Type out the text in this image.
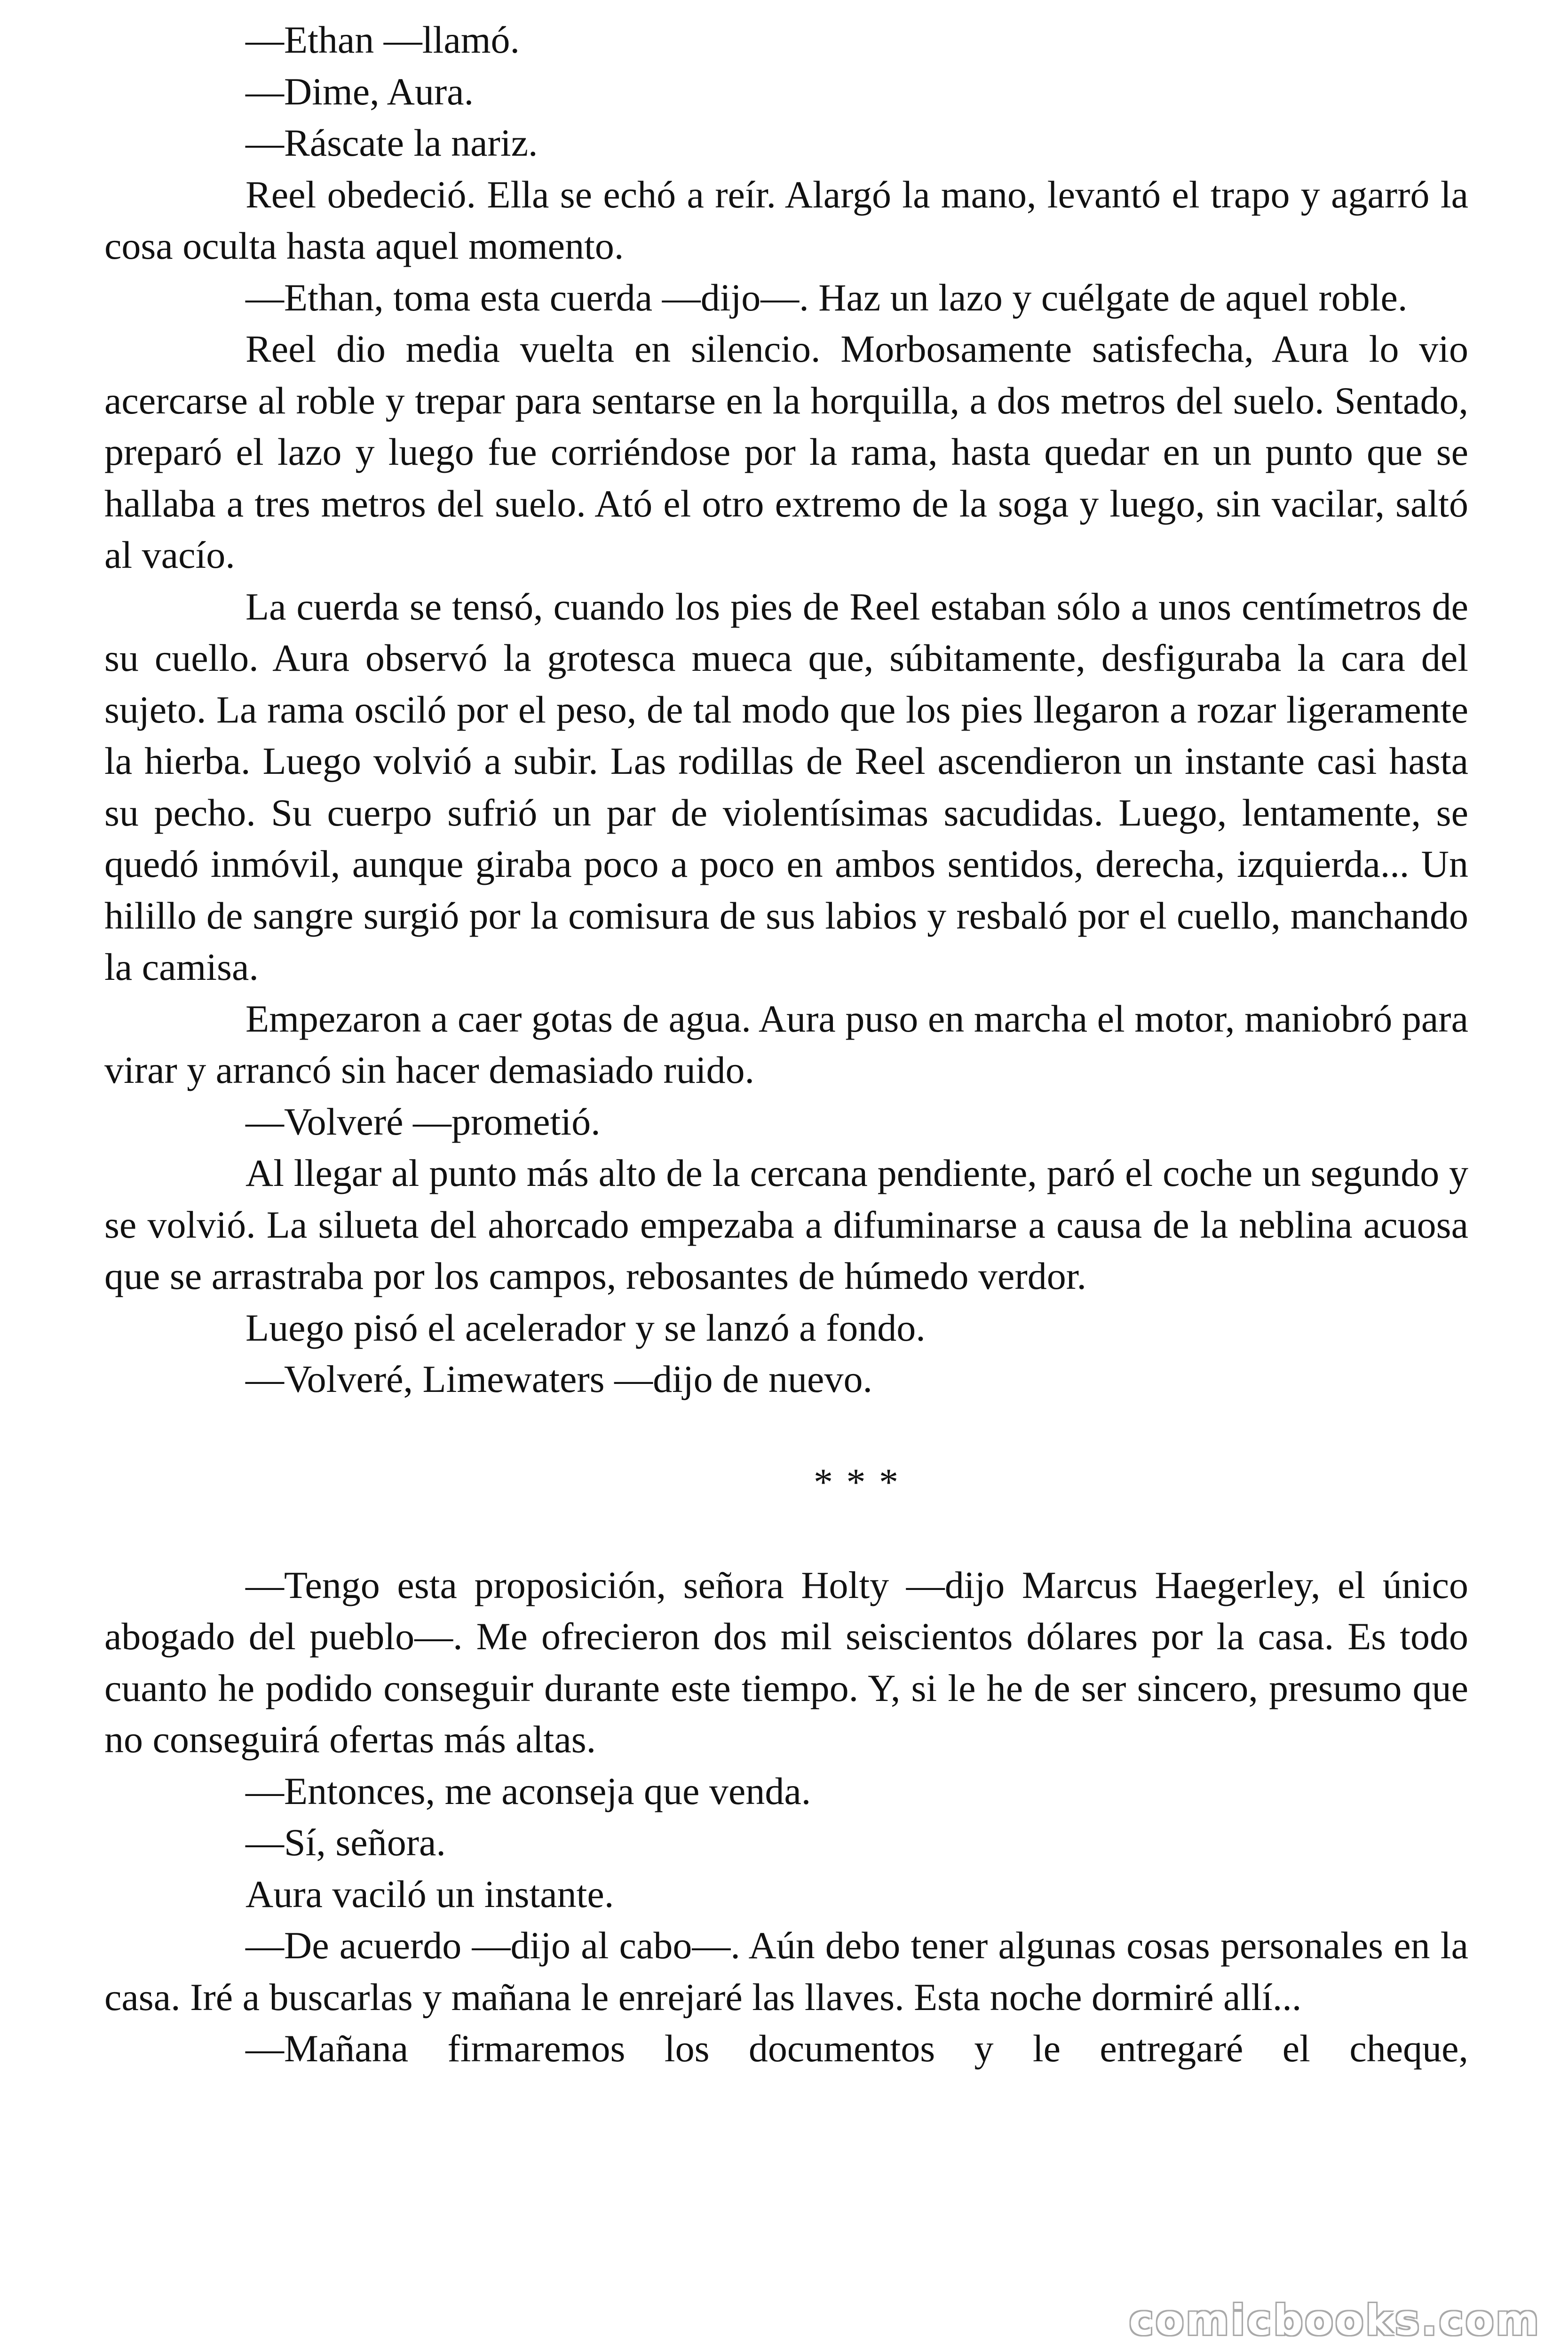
—Ethan —llamó.

—Dime, Aura.

—Ráscate la nariz.

Reel obedeció. Ella se echó a reír. Alargó la mano, levantó el trapo y agarró la cosa oculta hasta aquel momento.

—Ethan, toma esta cuerda —dijo—. Haz un lazo y cuélgate de aquel roble.

Reel dio media vuelta en silencio. Morbosamente satisfecha, Aura lo vio acercarse al roble y trepar para sentarse en la horquilla, a dos metros del suelo. Sentado, preparó el lazo y luego fue corriéndose por la rama, hasta quedar en un punto que se hallaba a tres metros del suelo. Ató el otro extremo de la soga y luego, sin vacilar, saltó al vacío.

La cuerda se tensó, cuando los pies de Reel estaban sólo a unos centímetros de su cuello. Aura observó la grotesca mueca que, súbitamente, desfiguraba la cara del sujeto. La rama osciló por el peso, de tal modo que los pies llegaron a rozar ligeramente la hierba. Luego volvió a subir. Las rodillas de Reel ascendieron un instante casi hasta su pecho. Su cuerpo sufrió un par de violentísimas sacudidas. Luego, lentamente, se quedó inmóvil, aunque giraba poco a poco en ambos sentidos, derecha, izquierda... Un hilillo de sangre surgió por la comisura de sus labios y resbaló por el cuello, manchando la camisa.

Empezaron a caer gotas de agua. Aura puso en marcha el motor, maniobró para virar y arrancó sin hacer demasiado ruido.

—Volveré —prometió.

Al llegar al punto más alto de la cercana pendiente, paró el coche un segundo y se volvió. La silueta del ahorcado empezaba a difuminarse a causa de la neblina acuosa que se arrastraba por los campos, rebosantes de húmedo verdor.

Luego pisó el acelerador y se lanzó a fondo.

—Volveré, Limewaters —dijo de nuevo.

* * *

—Tengo esta proposición, señora Holty —dijo Marcus Haegerley, el único abogado del pueblo—. Me ofrecieron dos mil seiscientos dólares por la casa. Es todo cuanto he podido conseguir durante este tiempo. Y, si le he de ser sincero, presumo que no conseguirá ofertas más altas.

—Entonces, me aconseja que venda.

—Sí, señora.

Aura vaciló un instante.

—De acuerdo —dijo al cabo—. Aún debo tener algunas cosas personales en la casa. Iré a buscarlas y mañana le enrejaré las llaves. Esta noche dormiré allí...

—Mañana firmaremos los documentos y le entregaré el cheque,

comicbooks.com
